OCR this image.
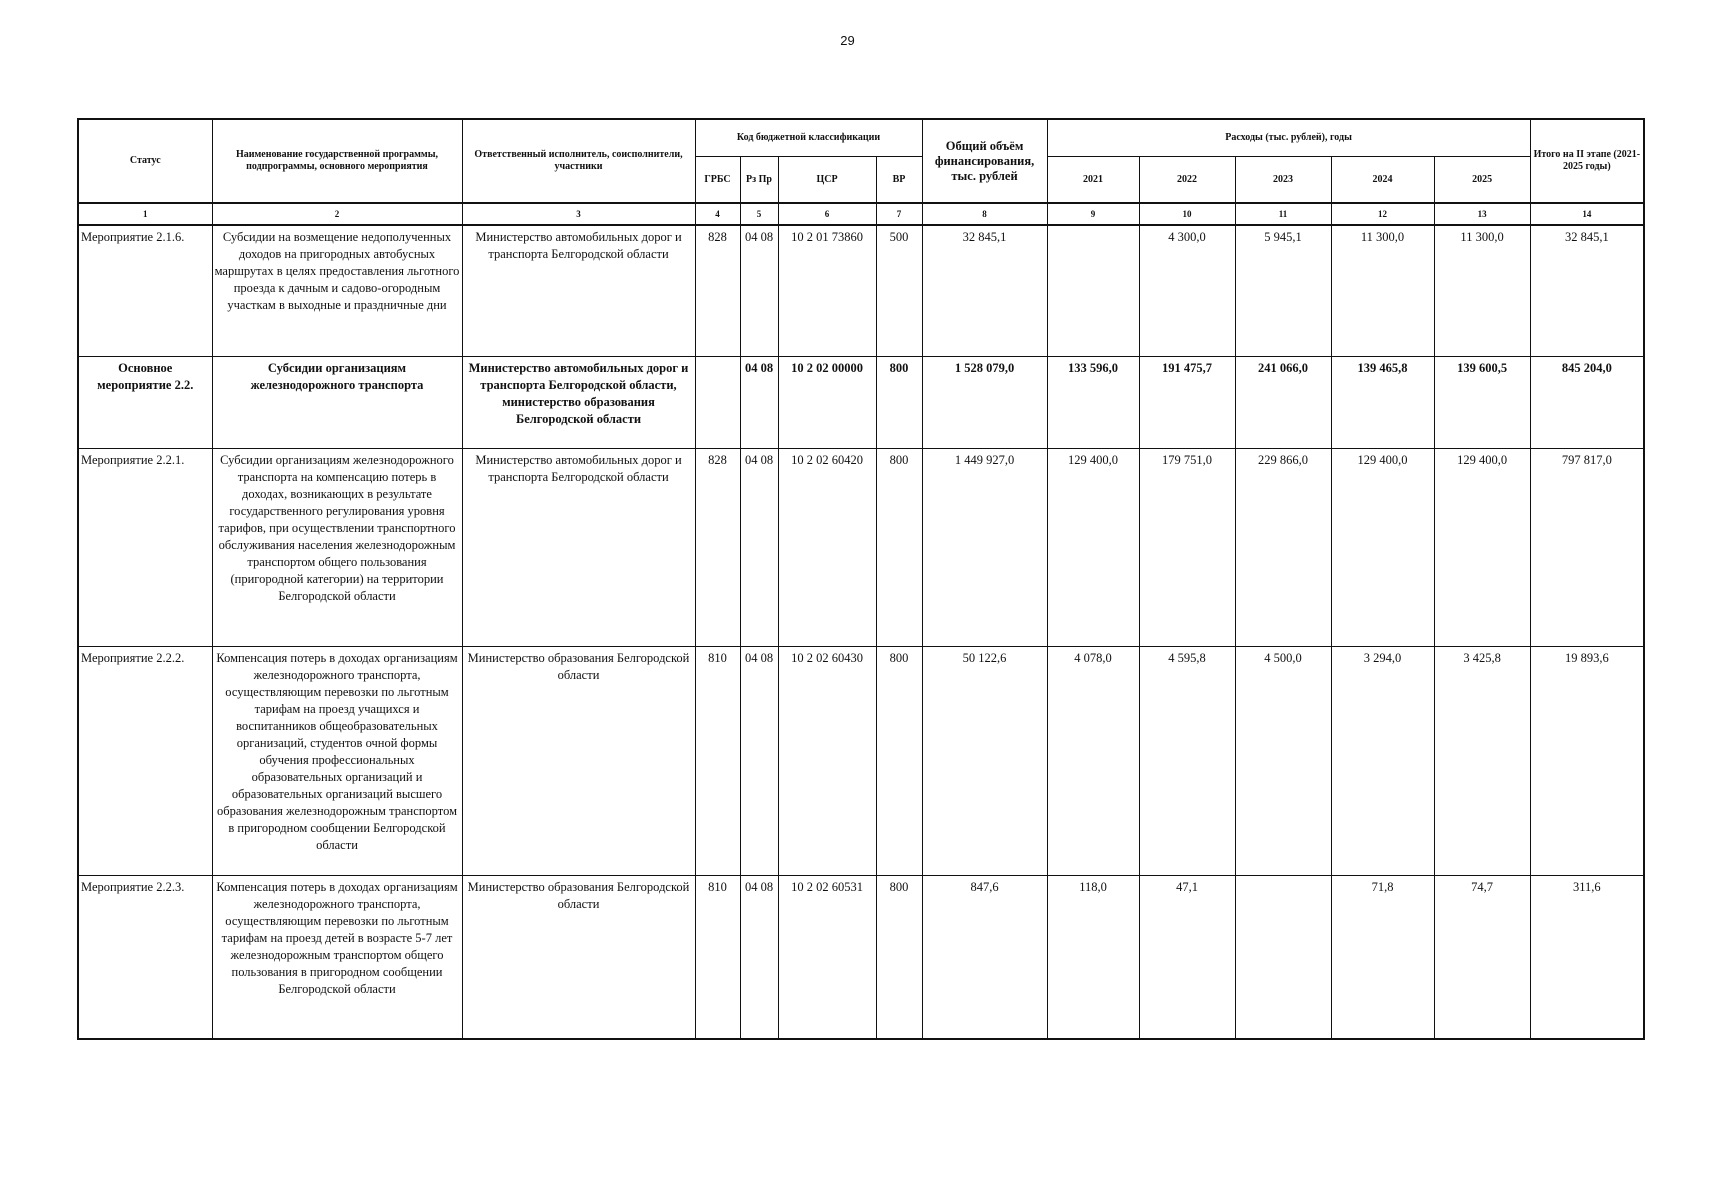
29
Статус	Наименование государственной программы, подпрограммы, основного мероприятия	Ответственный исполнитель, соисполнители, участники	Код бюджетной классификации				Общий объём финансирования, тыс. рублей	Расходы (тыс. рублей), годы					Итого на II этапе (2021-2025 годы)
			ГРБС	Рз Пр	ЦСР	ВР		2021	2022	2023	2024	2025	
1	2	3	4	5	6	7	8	9	10	11	12	13	14
Мероприятие 2.1.6.	Субсидии на возмещение недополученных доходов на пригородных автобусных маршрутах в целях предоставления льготного проезда к дачным и садово-огородным участкам в выходные и праздничные дни	Министерство автомобильных дорог и транспорта Белгородской области	828	04 08	10 2 01 73860	500	32 845,1		4 300,0	5 945,1	11 300,0	11 300,0	32 845,1
Основное мероприятие 2.2.	Субсидии организациям железнодорожного транспорта	Министерство автомобильных дорог и транспорта Белгородской области, министерство образования Белгородской области		04 08	10 2 02 00000	800	1 528 079,0	133 596,0	191 475,7	241 066,0	139 465,8	139 600,5	845 204,0
Мероприятие 2.2.1.	Субсидии организациям железнодорожного транспорта на компенсацию потерь в доходах, возникающих в результате государственного регулирования уровня тарифов, при осуществлении транспортного обслуживания населения железнодорожным транспортом общего пользования (пригородной категории) на территории Белгородской области	Министерство автомобильных дорог и транспорта Белгородской области	828	04 08	10 2 02 60420	800	1 449 927,0	129 400,0	179 751,0	229 866,0	129 400,0	129 400,0	797 817,0
Мероприятие 2.2.2.	Компенсация потерь в доходах организациям железнодорожного транспорта, осуществляющим перевозки по льготным тарифам на проезд учащихся и воспитанников общеобразовательных организаций, студентов очной формы обучения профессиональных образовательных организаций и образовательных организаций высшего образования железнодорожным транспортом в пригородном сообщении Белгородской области	Министерство образования Белгородской области	810	04 08	10 2 02 60430	800	50 122,6	4 078,0	4 595,8	4 500,0	3 294,0	3 425,8	19 893,6
Мероприятие 2.2.3.	Компенсация потерь в доходах организациям железнодорожного транспорта, осуществляющим перевозки по льготным тарифам на проезд детей в возрасте 5-7 лет железнодорожным транспортом общего пользования в пригородном сообщении Белгородской области	Министерство образования Белгородской области	810	04 08	10 2 02 60531	800	847,6	118,0	47,1		71,8	74,7	311,6
